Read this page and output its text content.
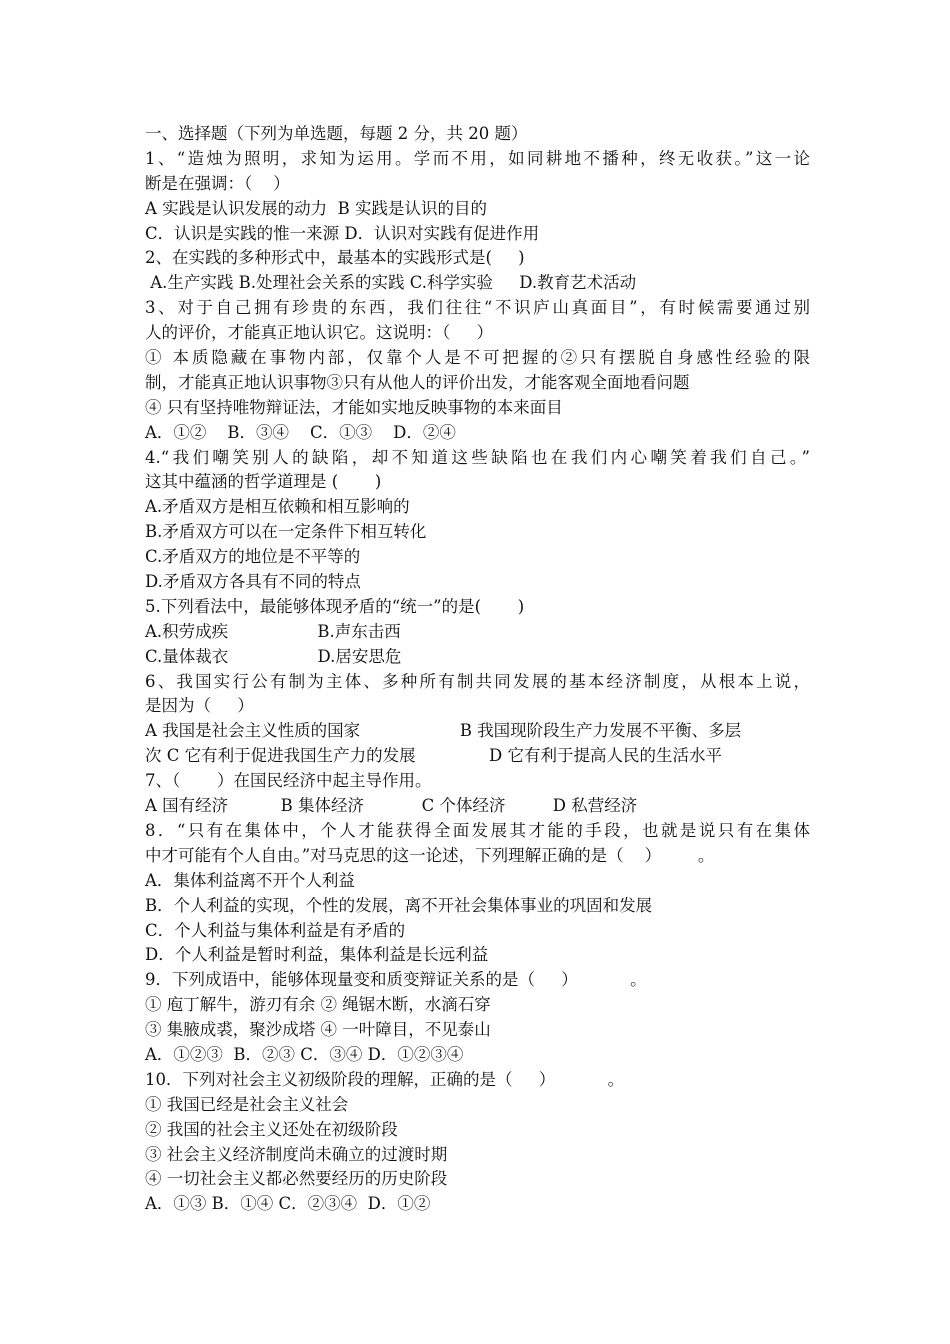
一、选择题（下列为单选题，每题 2 分，共 20 题）
1、“造烛为照明，求知为运用。学而不用，如同耕地不播种，终无收获。”这一论
断是在强调：（    ）
A 实践是认识发展的动力  B 实践是认识的目的
C．认识是实践的惟一来源 D．认识对实践有促进作用
2、在实践的多种形式中，最基本的实践形式是(     )
A.生产实践 B.处理社会关系的实践 C.科学实验     D.教育艺术活动
3、对于自己拥有珍贵的东西，我们往往“不识庐山真面目”，有时候需要通过别
人的评价，才能真正地认识它。这说明：（     ）
① 本质隐藏在事物内部，仅靠个人是不可把握的②只有摆脱自身感性经验的限
制，才能真正地认识事物③只有从他人的评价出发，才能客观全面地看问题
④ 只有坚持唯物辩证法，才能如实地反映事物的本来面目
A．①②    B．③④    C．①③    D．②④
4.“我们嘲笑别人的缺陷，却不知道这些缺陷也在我们内心嘲笑着我们自己。”
这其中蕴涵的哲学道理是 (       )
A.矛盾双方是相互依赖和相互影响的
B.矛盾双方可以在一定条件下相互转化
C.矛盾双方的地位是不平等的
D.矛盾双方各具有不同的特点
5.下列看法中，最能够体现矛盾的“统一”的是(       )
A.积劳成疾                 B.声东击西
C.量体裁衣                 D.居安思危
6、我国实行公有制为主体、多种所有制共同发展的基本经济制度，从根本上说，
是因为（     ）
A 我国是社会主义性质的国家                   B 我国现阶段生产力发展不平衡、多层
次 C 它有利于促进我国生产力的发展              D 它有利于提高人民的生活水平
7、（       ）在国民经济中起主导作用。
A 国有经济          B 集体经济           C 个体经济         D 私营经济
8．“只有在集体中，个人才能获得全面发展其才能的手段，也就是说只有在集体
中才可能有个人自由。”对马克思的这一论述，下列理解正确的是（    ）       。
A．集体利益离不开个人利益
B．个人利益的实现，个性的发展，离不开社会集体事业的巩固和发展
C．个人利益与集体利益是有矛盾的
D．个人利益是暂时利益，集体利益是长远利益
9．下列成语中，能够体现量变和质变辩证关系的是（     ）          。
① 庖丁解牛，游刃有余 ② 绳锯木断，水滴石穿
③ 集腋成裘，聚沙成塔 ④ 一叶障目，不见泰山
A．①②③  B．②③ C．③④ D．①②③④
10．下列对社会主义初级阶段的理解，正确的是（     ）          。
① 我国已经是社会主义社会
② 我国的社会主义还处在初级阶段
③ 社会主义经济制度尚未确立的过渡时期
④ 一切社会主义都必然要经历的历史阶段
A．①③ B．①④ C．②③④  D．①②
